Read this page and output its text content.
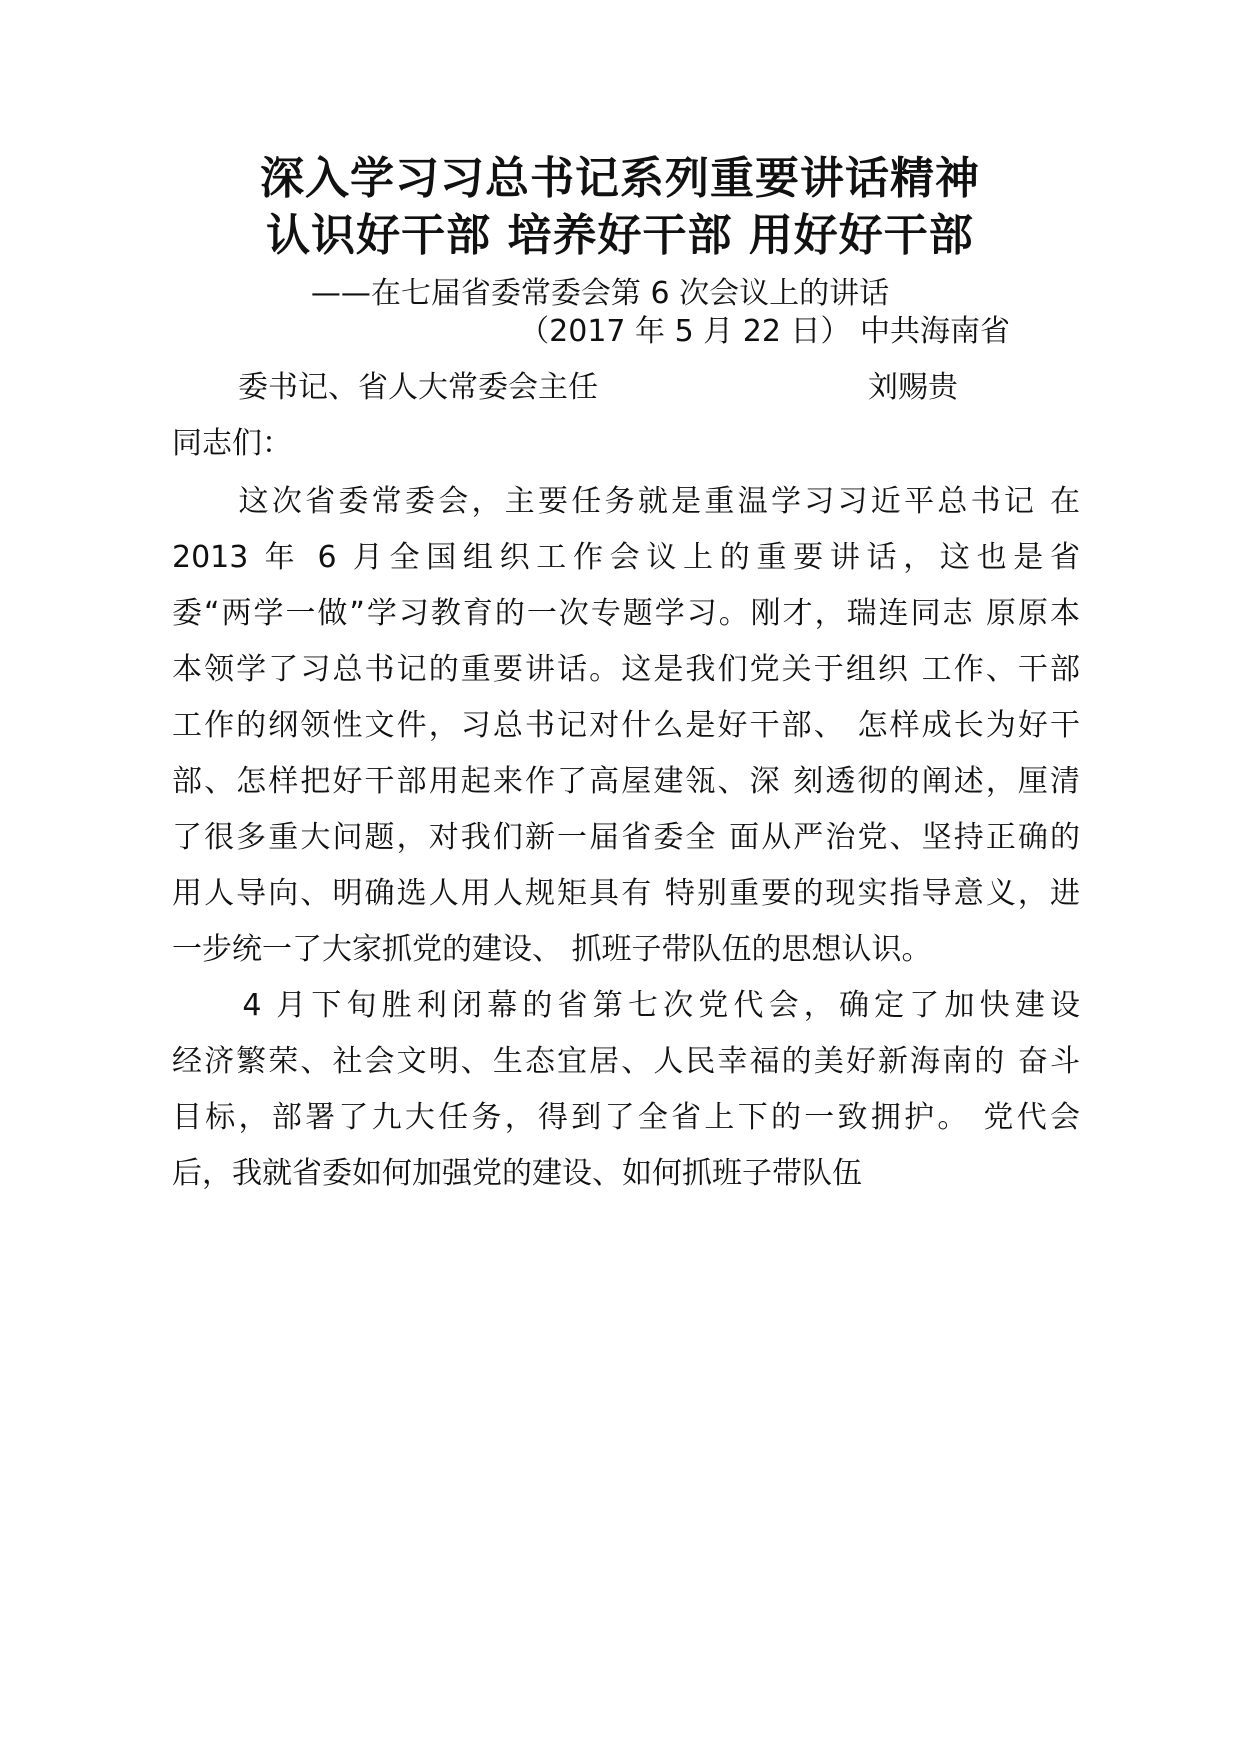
深入学习习总书记系列重要讲话精神
认识好干部 培养好干部 用好好干部
——在七届省委常委会第 6 次会议上的讲话
（2017 年 5 月 22 日） 中共海南省
委书记、省人大常委会主任	刘赐贵
同志们：
　　这次省委常委会，主要任务就是重温学习习近平总书记 在
2013 年 6 月全国组织工作会议上的重要讲话，这也是省
委“两学一做”学习教育的一次专题学习。刚才，瑞连同志 原原本
本领学了习总书记的重要讲话。这是我们党关于组织 工作、干部
工作的纲领性文件，习总书记对什么是好干部、 怎样成长为好干
部、怎样把好干部用起来作了高屋建瓴、深 刻透彻的阐述，厘清
了很多重大问题，对我们新一届省委全 面从严治党、坚持正确的
用人导向、明确选人用人规矩具有 特别重要的现实指导意义，进
一步统一了大家抓党的建设、 抓班子带队伍的思想认识。
　　4 月下旬胜利闭幕的省第七次党代会，确定了加快建设
经济繁荣、社会文明、生态宜居、人民幸福的美好新海南的 奋斗
目标，部署了九大任务，得到了全省上下的一致拥护。 党代会
后，我就省委如何加强党的建设、如何抓班子带队伍
